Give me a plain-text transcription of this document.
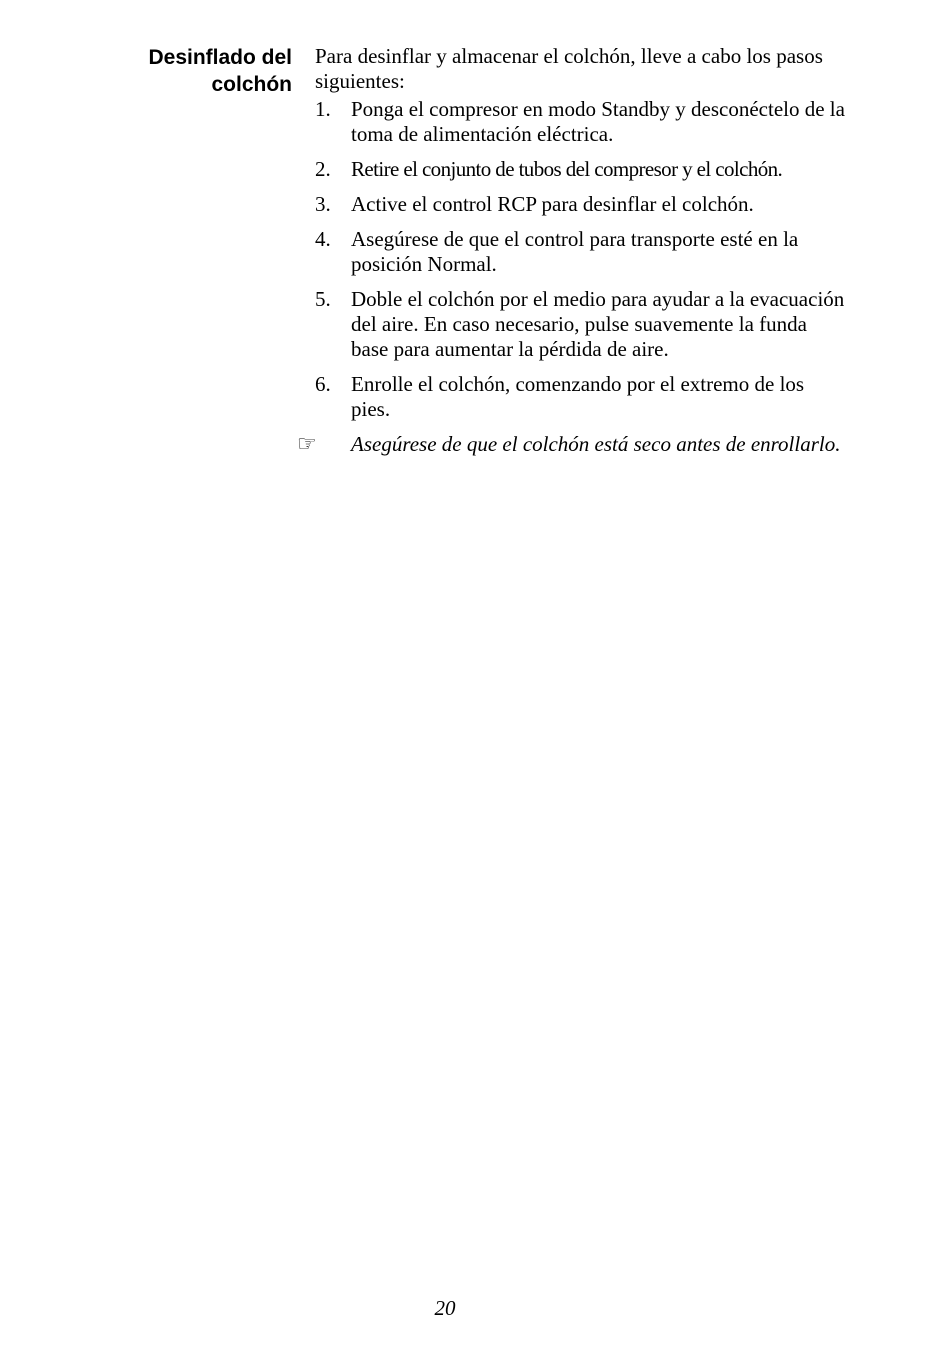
Desinflado del
colchón
Para desinflar y almacenar el colchón, lleve a cabo los pasos siguientes:
1. Ponga el compresor en modo Standby y desconéctelo de la toma de alimentación eléctrica.
2. Retire el conjunto de tubos del compresor y el colchón.
3. Active el control RCP para desinflar el colchón.
4. Asegúrese de que el control para transporte esté en la posición Normal.
5. Doble el colchón por el medio para ayudar a la evacuación del aire. En caso necesario, pulse suavemente la funda base para aumentar la pérdida de aire.
6. Enrolle el colchón, comenzando por el extremo de los pies.
☞	Asegúrese de que el colchón está seco antes de enrollarlo.
20
